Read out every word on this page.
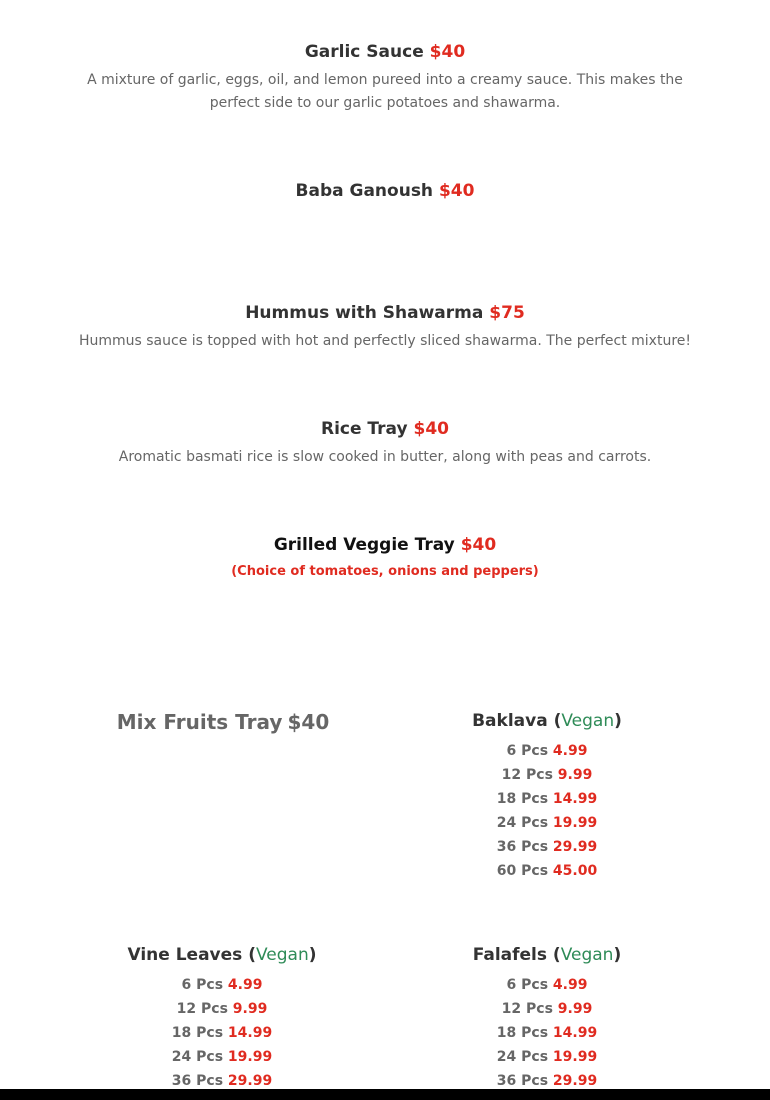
Garlic Sauce $40

A mixture of garlic, eggs, oil, and lemon pureed into a creamy sauce. This makes the
perfect side to our garlic potatoes and shawarma.

Baba Ganoush $40

Hummus with Shawarma $75

Hummus sauce is topped with hot and perfectly sliced shawarma. The perfect mixture!

Rice Tray $40

Aromatic basmati rice is slow cooked in butter, along with peas and carrots.

Grilled Veggie Tray $40

(Choice of tomatoes, onions and peppers)

Mix Fruits Tray $40	Baklava (Vegan)

6 Pcs 4.99
12 Pcs 9.99
18 Pcs 14.99
24 Pcs 19.99
36 Pcs 29.99
60 Pcs 45.00

Vine Leaves (Vegan)

6 Pcs 4.99
12 Pcs 9.99
18 Pcs 14.99
24 Pcs 19.99
36 Pcs 29.99

Falafels (Vegan)

6 Pcs 4.99
12 Pcs 9.99
18 Pcs 14.99
24 Pcs 19.99
36 Pcs 29.99
